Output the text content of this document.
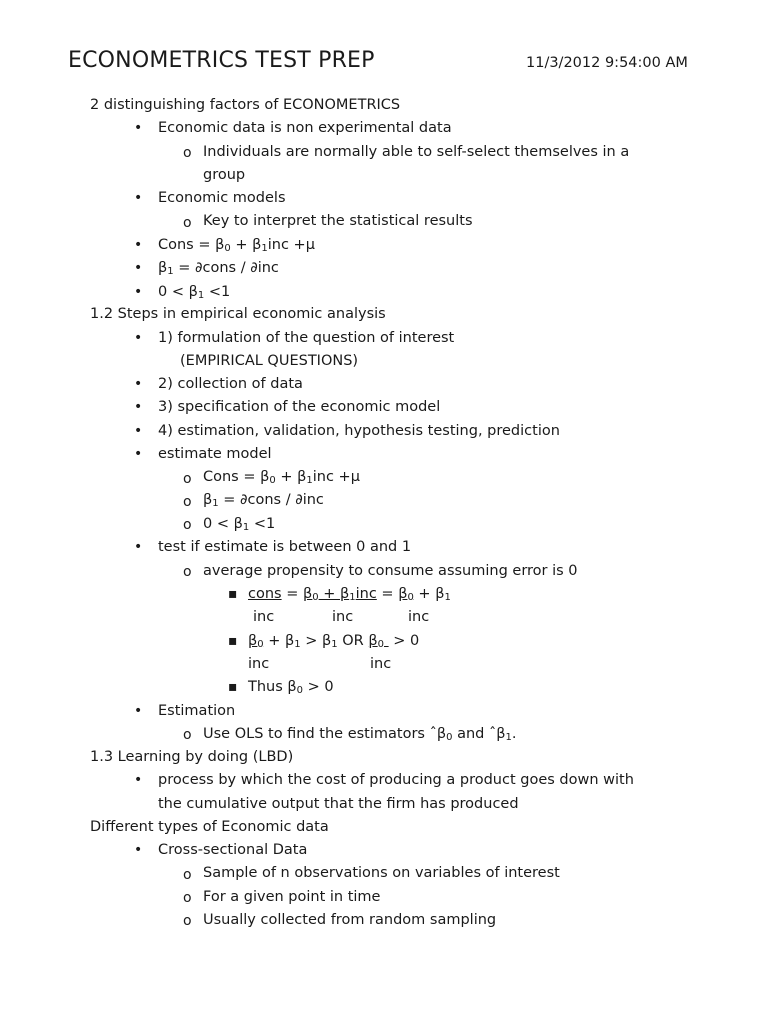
ECONOMETRICS TEST PREP	11/3/2012 9:54:00 AM
2 distinguishing factors of ECONOMETRICS
• Economic data is non experimental data
o Individuals are normally able to self-select themselves in a
group
• Economic models
o Key to interpret the statistical results
• Cons = $\beta_0 + \beta_1inc +\mu$
• $\beta_1$ = ∂cons / ∂inc
• $0 < \beta_1 <1$
1.2 Steps in empirical economic analysis
• 1) formulation of the question of interest
(EMPIRICAL QUESTIONS)
• 2) collection of data
• 3) specification of the economic model
• 4) estimation, validation, hypothesis testing, prediction
• estimate model
o Cons = $\beta_0 + \beta_1inc +\mu$
o $\beta_1$ = ∂cons / ∂inc
o $0 < \beta_1 <1$
• test if estimate is between 0 and 1
o average propensity to consume assuming error is 0
▪ cons = $\beta_0 + \beta_1inc = \beta_0 + \beta_1$
inc	inc	inc
▪ $\beta_0 + \beta_1 > \beta_1$ OR $\beta_0 > 0$
inc	inc
▪ Thus $\beta_0 > 0$
• Estimation
o Use OLS to find the estimators ˆβ$_0$ and ˆβ$_1$.
1.3 Learning by doing (LBD)
• process by which the cost of producing a product goes down with
the cumulative output that the firm has produced
Different types of Economic data
• Cross-sectional Data
o Sample of n observations on variables of interest
o For a given point in time
o Usually collected from random sampling
